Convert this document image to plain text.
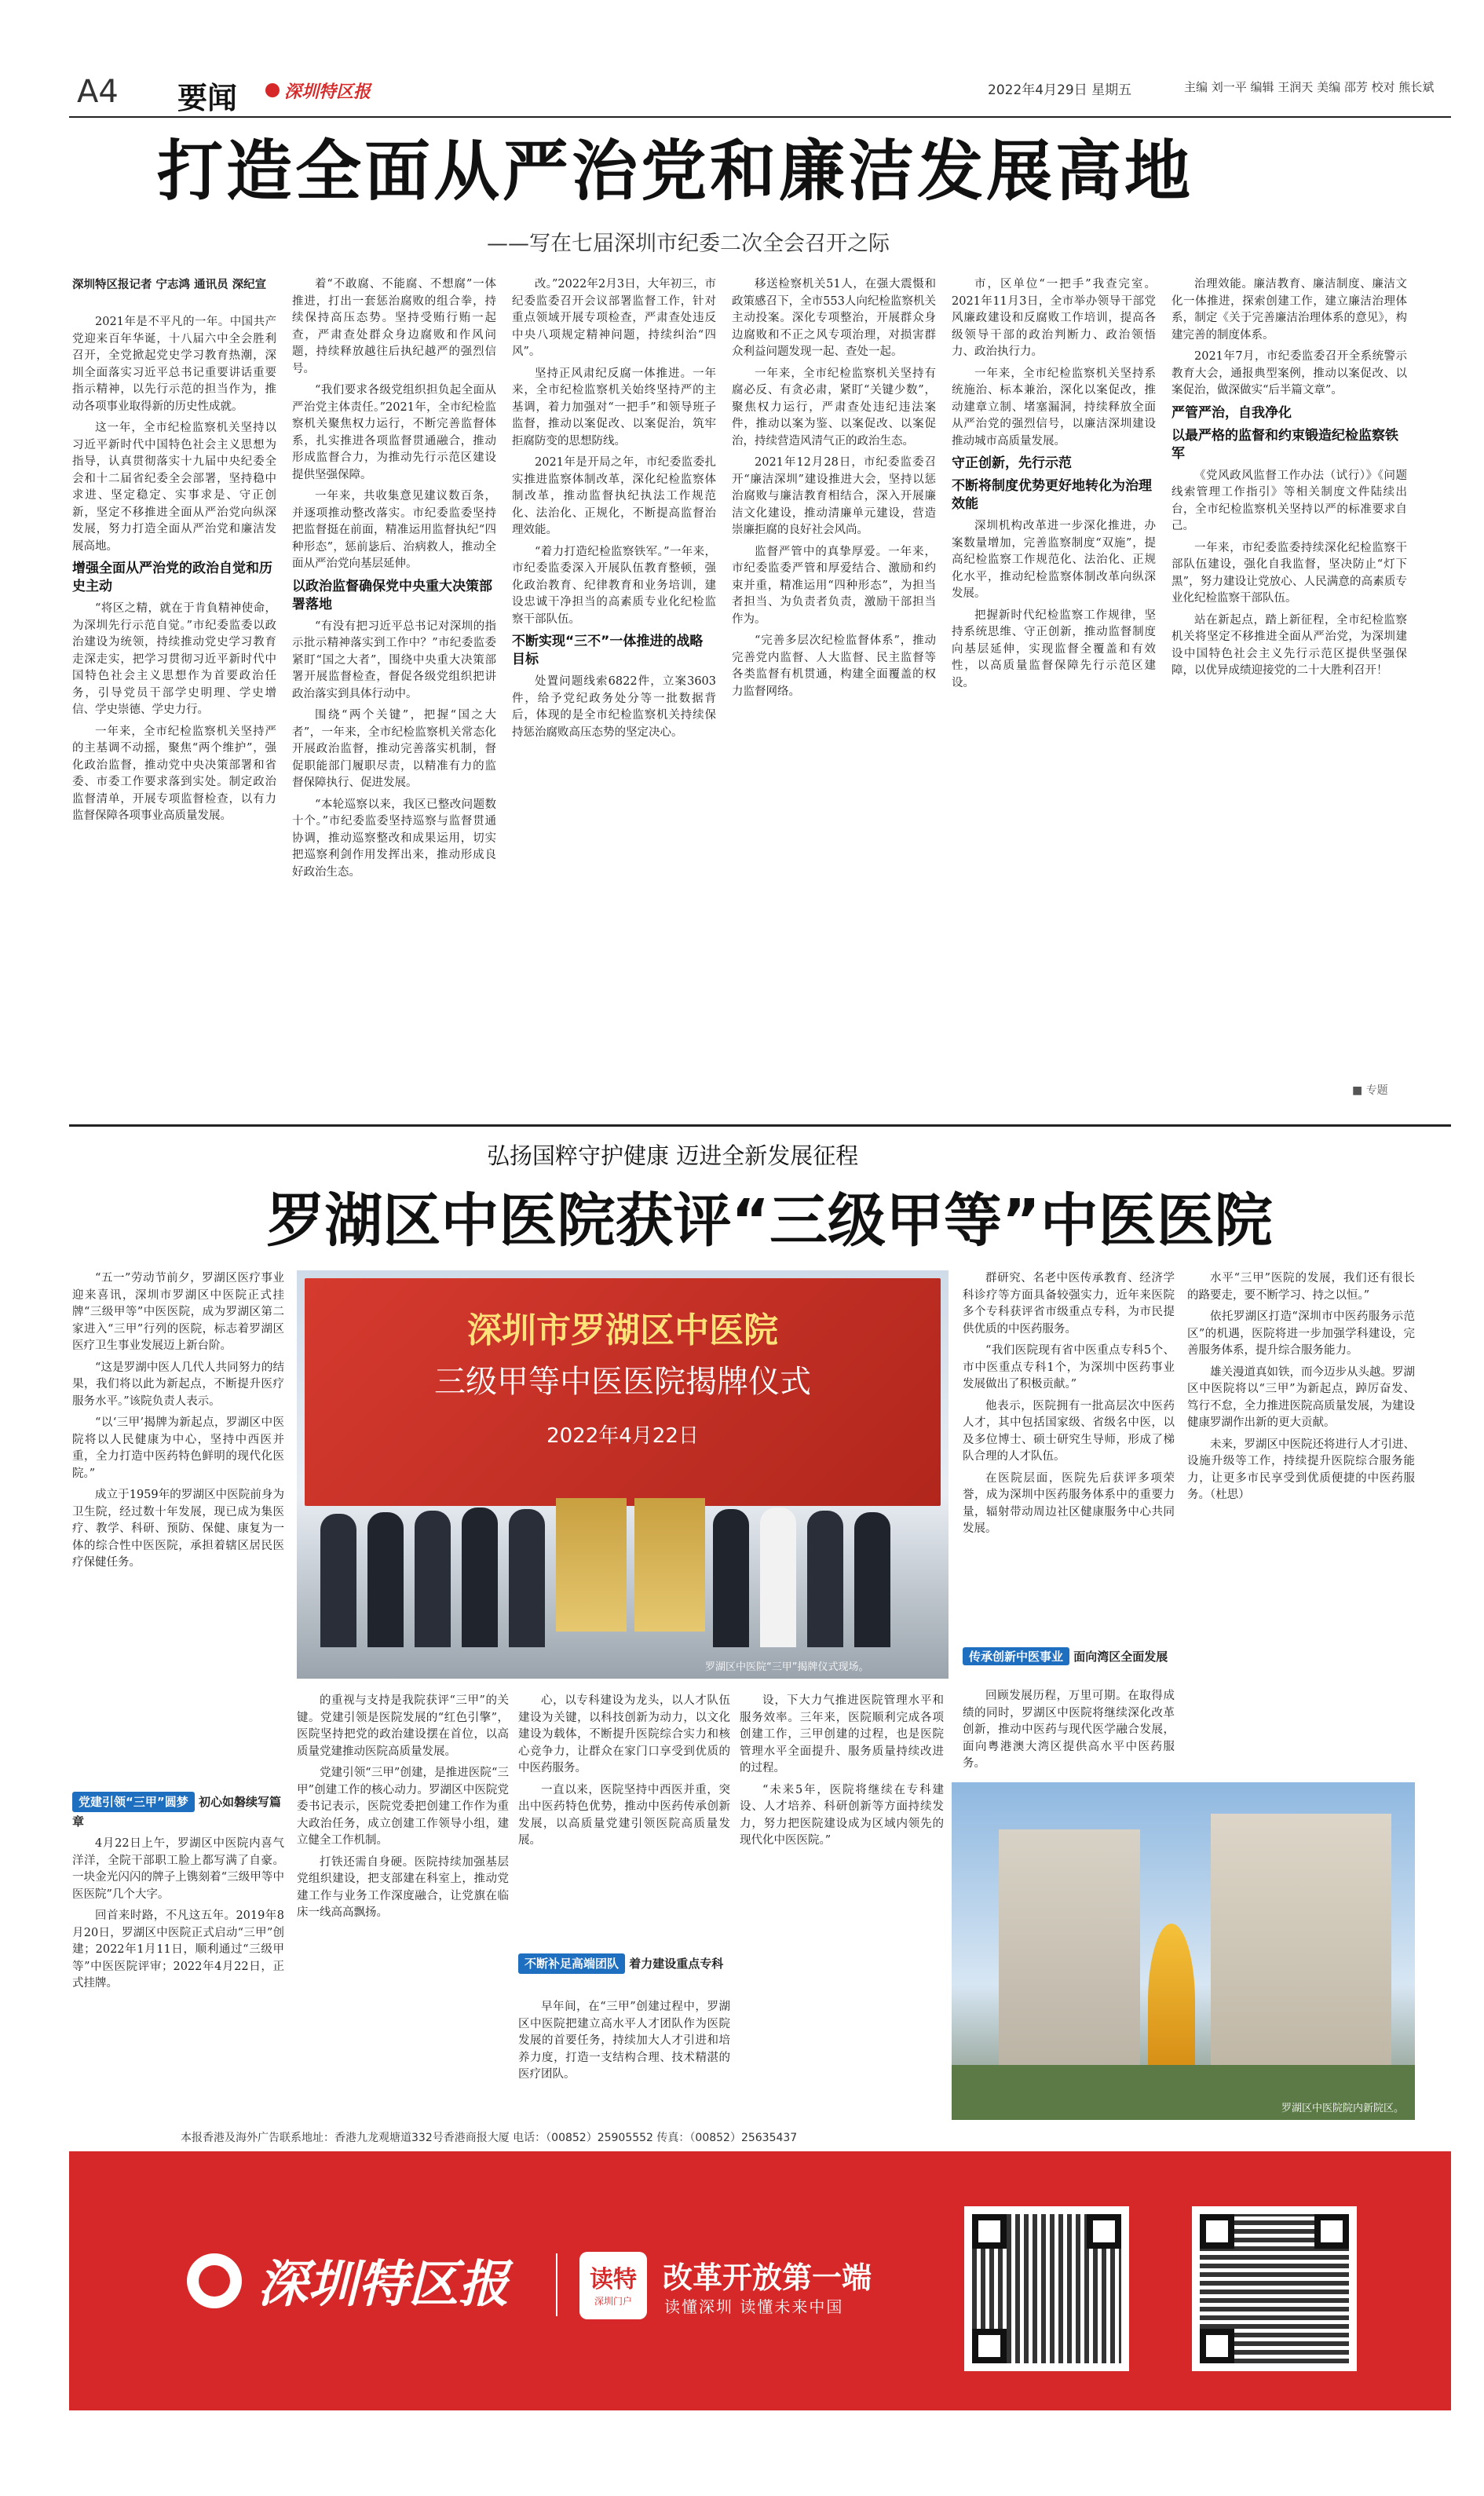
A4 要闻	深圳特区报	2022年4月29日 星期五	主编 刘一平 编辑 王润天 美编 邵芳 校对 熊长斌
打造全面从严治党和廉洁发展高地
——写在七届深圳市纪委二次全会召开之际
深圳特区报记者 宁志鸿 通讯员 深纪宣

2021年是不平凡的一年。中国共产党迎来百年华诞，十八届六中全会胜利召开，全党掀起党史学习教育热潮，深圳全面落实习近平总书记重要讲话重要指示精神，以先行示范的担当作为，推动各项事业取得新的历史性成就。

这一年，全市纪检监察机关坚持以习近平新时代中国特色社会主义思想为指导，认真贯彻落实十九届中央纪委全会和十二届省纪委全会部署，坚持稳中求进、坚定稳定、实事求是、守正创新，坚定不移推进全面从严治党向纵深发展，努力打造全面从严治党和廉洁发展高地。

增强全面从严治党的政治自觉和历史主动

“将区之精，就在于肯負精神使命，为深圳先行示范自觉。”市纪委监委以政治建设为统领，持续推动党史学习教育走深走实，把学习贯彻习近平新时代中国特色社会主义思想作为首要政治任务，引导党员干部学史明理、学史增信、学史崇德、学史力行。

一年来，全市纪检监察机关坚持严的主基调不动摇，聚焦“两个维护”，强化政治监督，推动党中央决策部署和省委、市委工作要求落到实处。制定政治监督清单，开展专项监督检查，以有力监督保障各项事业高质量发展。

着“不敢腐、不能腐、不想腐”一体推进，打出一套惩治腐败的组合拳，持续保持高压态势。坚持受贿行贿一起查，严肃查处群众身边腐败和作风问题，持续释放越往后执纪越严的强烈信号。

“我们要求各级党组织担负起全面从严治党主体责任。”2021年，全市纪检监察机关聚焦权力运行，不断完善监督体系，扎实推进各项监督贯通融合，推动形成监督合力，为推动先行示范区建设提供坚强保障。

一年来，共收集意见建议数百条，并逐项推动整改落实。市纪委监委坚持把监督挺在前面，精准运用监督执纪“四种形态”，惩前毖后、治病救人，推动全面从严治党向基层延伸。

以政治监督确保党中央重大决策部署落地

“有没有把习近平总书记对深圳的指示批示精神落实到工作中？”市纪委监委紧盯“国之大者”，围绕中央重大决策部署开展监督检查，督促各级党组织把讲政治落实到具体行动中。

围绕“两个关键”，把握“国之大者”，一年来，全市纪检监察机关常态化开展政治监督，推动完善落实机制，督促职能部门履职尽责，以精准有力的监督保障执行、促进发展。

“本轮巡察以来，我区已整改问题数十个。”市纪委监委坚持巡察与监督贯通协调，推动巡察整改和成果运用，切实把巡察利剑作用发挥出来，推动形成良好政治生态。

改。”2022年2月3日，大年初三，市纪委监委召开会议部署监督工作，针对重点领域开展专项检查，严肃查处违反中央八项规定精神问题，持续纠治“四风”。

坚持正风肃纪反腐一体推进。一年来，全市纪检监察机关始终坚持严的主基调，着力加强对“一把手”和领导班子监督，推动以案促改、以案促治，筑牢拒腐防变的思想防线。

2021年是开局之年，市纪委监委扎实推进监察体制改革，深化纪检监察体制改革，推动监督执纪执法工作规范化、法治化、正规化，不断提高监督治理效能。

“着力打造纪检监察铁军。”一年来，市纪委监委深入开展队伍教育整顿，强化政治教育、纪律教育和业务培训，建设忠诚干净担当的高素质专业化纪检监察干部队伍。

不断实现“三不”一体推进的战略目标

处置问题线索6822件，立案3603件，给予党纪政务处分等一批数据背后，体现的是全市纪检监察机关持续保持惩治腐败高压态势的坚定决心。

移送检察机关51人，在强大震慑和政策感召下，全市553人向纪检监察机关主动投案。深化专项整治，开展群众身边腐败和不正之风专项治理，对损害群众利益问题发现一起、查处一起。

一年来，全市纪检监察机关坚持有腐必反、有贪必肃，紧盯“关键少数”，聚焦权力运行，严肃查处违纪违法案件，推动以案为鉴、以案促改、以案促治，持续营造风清气正的政治生态。

2021年12月28日，市纪委监委召开“廉洁深圳”建设推进大会，坚持以惩治腐败与廉洁教育相结合，深入开展廉洁文化建设，推动清廉单元建设，营造崇廉拒腐的良好社会风尚。

监督严管中的真挚厚爱。一年来，市纪委监委严管和厚爱结合、激励和约束并重，精准运用“四种形态”，为担当者担当、为负责者负责，激励干部担当作为。

“完善多层次纪检监督体系”，推动完善党内监督、人大监督、民主监督等各类监督有机贯通，构建全面覆盖的权力监督网络。

市，区单位“一把手”我查完室。2021年11月3日，全市举办领导干部党风廉政建设和反腐败工作培训，提高各级领导干部的政治判断力、政治领悟力、政治执行力。

一年来，全市纪检监察机关坚持系统施治、标本兼治，深化以案促改，推动建章立制、堵塞漏洞，持续释放全面从严治党的强烈信号，以廉洁深圳建设推动城市高质量发展。

守正创新，先行示范
不断将制度优势更好地转化为治理效能

深圳机构改革进一步深化推进，办案数量增加，完善监察制度“双施”，提高纪检监察工作规范化、法治化、正规化水平，推动纪检监察体制改革向纵深发展。

把握新时代纪检监察工作规律，坚持系统思维、守正创新，推动监督制度向基层延伸，实现监督全覆盖和有效性，以高质量监督保障先行示范区建设。

治理效能。廉洁教育、廉洁制度、廉洁文化一体推进，探索创建工作，建立廉洁治理体系，制定《关于完善廉洁治理体系的意见》，构建完善的制度体系。

2021年7月，市纪委监委召开全系统警示教育大会，通报典型案例，推动以案促改、以案促治，做深做实“后半篇文章”。

严管严治，自我净化
以最严格的监督和约束锻造纪检监察铁军

《党风政风监督工作办法（试行）》《问题线索管理工作指引》等相关制度文件陆续出台，全市纪检监察机关坚持以严的标准要求自己。

一年来，市纪委监委持续深化纪检监察干部队伍建设，强化自我监督，坚决防止“灯下黑”，努力建设让党放心、人民满意的高素质专业化纪检监察干部队伍。

站在新起点，踏上新征程，全市纪检监察机关将坚定不移推进全面从严治党，为深圳建设中国特色社会主义先行示范区提供坚强保障，以优异成绩迎接党的二十大胜利召开！

■ 专题
弘扬国粹守护健康 迈进全新发展征程
罗湖区中医院获评“三级甲等”中医医院

“五一”劳动节前夕，罗湖区医疗事业迎来喜讯，深圳市罗湖区中医院正式挂牌“三级甲等”中医医院，成为罗湖区第二家进入“三甲”行列的医院，标志着罗湖区医疗卫生事业发展迈上新台阶。

“这是罗湖中医人几代人共同努力的结果，我们将以此为新起点，不断提升医疗服务水平。”该院负责人表示。

“以‘三甲’揭牌为新起点，罗湖区中医院将以人民健康为中心，坚持中西医并重，全力打造中医药特色鲜明的现代化医院。”

成立于1959年的罗湖区中医院前身为卫生院，经过数十年发展，现已成为集医疗、教学、科研、预防、保健、康复为一体的综合性中医医院，承担着辖区居民医疗保健任务。

深圳市罗湖区中医院
三级甲等中医医院揭牌仪式
2022年4月22日
罗湖区中医院“三甲”揭牌仪式现场。

群研究、名老中医传承教育、经济学科诊疗等方面具备较强实力，近年来医院多个专科获评省市级重点专科，为市民提供优质的中医药服务。

“我们医院现有省中医重点专科5个、市中医重点专科1个，为深圳中医药事业发展做出了积极贡献。”

他表示，医院拥有一批高层次中医药人才，其中包括国家级、省级名中医，以及多位博士、硕士研究生导师，形成了梯队合理的人才队伍。

在医院层面，医院先后获评多项荣誉，成为深圳中医药服务体系中的重要力量，辐射带动周边社区健康服务中心共同发展。

传承创新中医事业 面向湾区全面发展

回顾发展历程，万里可期。在取得成绩的同时，罗湖区中医院将继续深化改革创新，推动中医药与现代医学融合发展，面向粤港澳大湾区提供高水平中医药服务。

水平“三甲”医院的发展，我们还有很长的路要走，要不断学习、持之以恒。”

依托罗湖区打造“深圳市中医药服务示范区”的机遇，医院将进一步加强学科建设，完善服务体系，提升综合服务能力。

雄关漫道真如铁，而今迈步从头越。罗湖区中医院将以“三甲”为新起点，踔厉奋发、笃行不怠，全力推进医院高质量发展，为建设健康罗湖作出新的更大贡献。

未来，罗湖区中医院还将进行人才引进、设施升级等工作，持续提升医院综合服务能力，让更多市民享受到优质便捷的中医药服务。（杜思）

党建引领“三甲”圆梦 初心如磐续写篇章

4月22日上午，罗湖区中医院内喜气洋洋，全院干部职工脸上都写满了自豪。一块金光闪闪的牌子上镌刻着“三级甲等中医医院”几个大字。

回首来时路，不凡这五年。2019年8月20日，罗湖区中医院正式启动“三甲”创建；2022年1月11日，顺利通过“三级甲等”中医医院评审；2022年4月22日，正式挂牌。

的重视与支持是我院获评“三甲”的关键。党建引领是医院发展的“红色引擎”，医院坚持把党的政治建设摆在首位，以高质量党建推动医院高质量发展。

党建引领“三甲”创建，是推进医院“三甲”创建工作的核心动力。罗湖区中医院党委书记表示，医院党委把创建工作作为重大政治任务，成立创建工作领导小组，建立健全工作机制。

打铁还需自身硬。医院持续加强基层党组织建设，把支部建在科室上，推动党建工作与业务工作深度融合，让党旗在临床一线高高飘扬。

心，以专科建设为龙头，以人才队伍建设为关键，以科技创新为动力，以文化建设为载体，不断提升医院综合实力和核心竞争力，让群众在家门口享受到优质的中医药服务。

一直以来，医院坚持中西医并重，突出中医药特色优势，推动中医药传承创新发展，以高质量党建引领医院高质量发展。

不断补足高端团队 着力建设重点专科

早年间，在“三甲”创建过程中，罗湖区中医院把建立高水平人才团队作为医院发展的首要任务，持续加大人才引进和培养力度，打造一支结构合理、技术精湛的医疗团队。

设，下大力气推进医院管理水平和服务效率。三年来，医院顺利完成各项创建工作，三甲创建的过程，也是医院管理水平全面提升、服务质量持续改进的过程。

“未来5年，医院将继续在专科建设、人才培养、科研创新等方面持续发力，努力把医院建设成为区域内领先的现代化中医医院。”

罗湖区中医院院内新院区。
本报香港及海外广告联系地址：香港九龙观塘道332号香港商报大厦 电话：（00852）25905552 传真：（00852）25635437
深圳特区报	读特
深圳门户
改革开放第一端
读懂深圳 读懂未来中国
